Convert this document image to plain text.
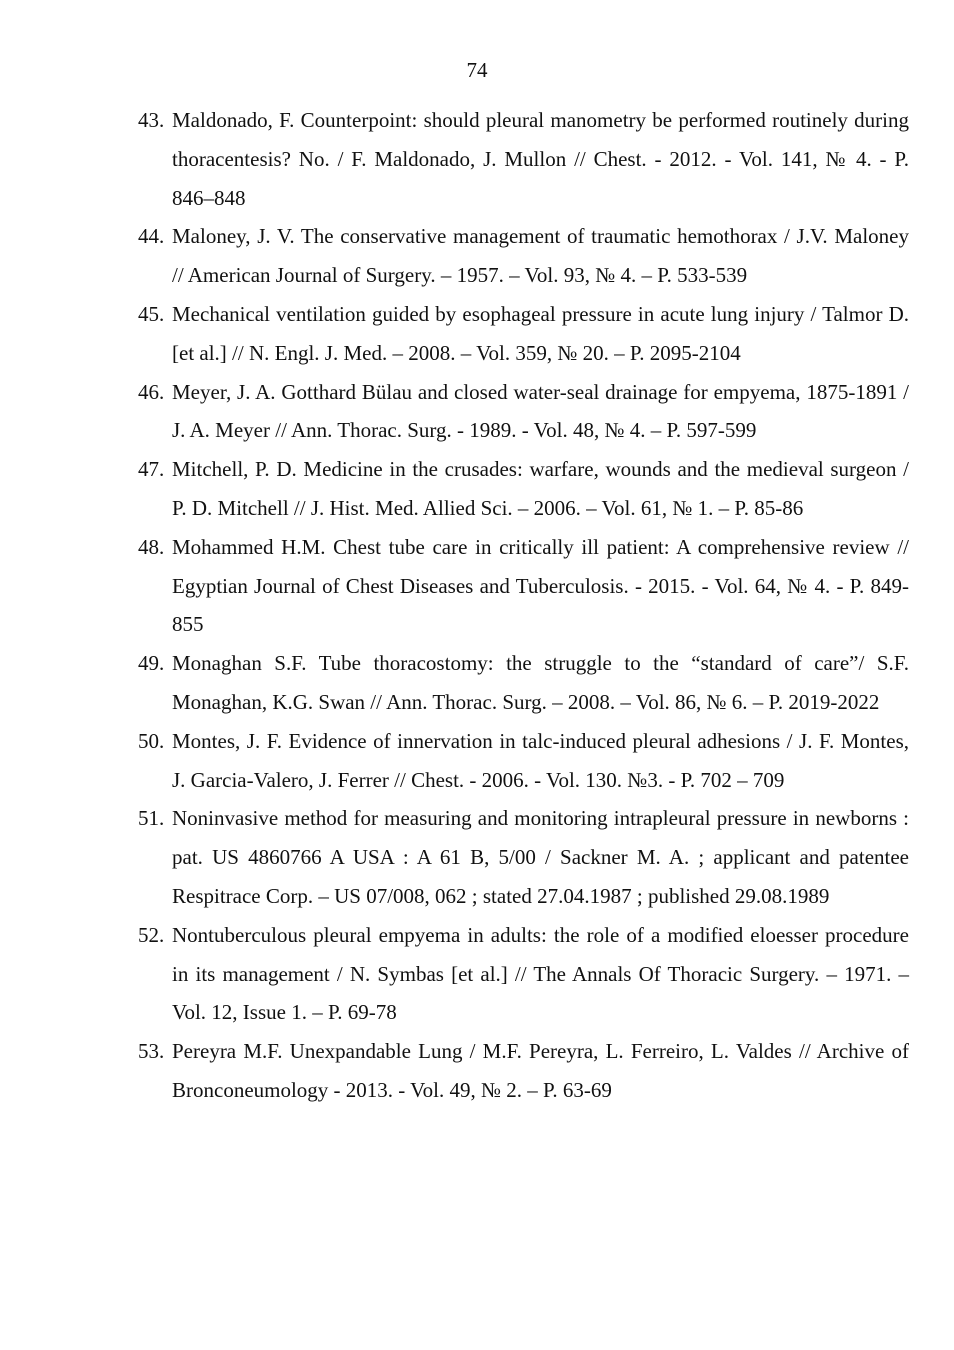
74
43. Maldonado, F. Counterpoint: should pleural manometry be performed routinely during thoracentesis? No. / F. Maldonado, J. Mullon // Chest. - 2012. - Vol. 141, № 4. - P. 846–848
44. Maloney, J. V. The conservative management of traumatic hemothorax / J.V. Maloney // American Journal of Surgery. – 1957. – Vol. 93, № 4. – P. 533-539
45. Mechanical ventilation guided by esophageal pressure in acute lung injury / Talmor D. [et al.] // N. Engl. J. Med. – 2008. – Vol. 359, № 20. – P. 2095-2104
46. Meyer, J. A. Gotthard Bülau and closed water-seal drainage for empyema, 1875-1891 / J. A. Meyer // Ann. Thorac. Surg. - 1989. - Vol. 48, № 4. – P. 597-599
47. Mitchell, P. D. Medicine in the crusades: warfare, wounds and the medieval surgeon / P. D. Mitchell // J. Hist. Med. Allied Sci. – 2006. – Vol. 61, № 1. – P. 85-86
48. Mohammed H.M. Chest tube care in critically ill patient: A comprehensive review // Egyptian Journal of Chest Diseases and Tuberculosis. - 2015. - Vol. 64, № 4. - P. 849-855
49. Monaghan S.F. Tube thoracostomy: the struggle to the “standard of care”/ S.F. Monaghan, K.G. Swan // Ann. Thorac. Surg. – 2008. – Vol. 86, № 6. – P. 2019-2022
50. Montes, J. F. Evidence of innervation in talc-induced pleural adhesions / J. F. Montes, J. Garcia-Valero, J. Ferrer // Chest. - 2006. - Vol. 130. №3. - P. 702 – 709
51. Noninvasive method for measuring and monitoring intrapleural pressure in newborns : pat. US 4860766 A USA : A 61 B, 5/00 / Sackner M. A. ; applicant and patentee Respitrace Corp. – US 07/008, 062 ; stated 27.04.1987 ; published 29.08.1989
52. Nontuberculous pleural empyema in adults: the role of a modified eloesser procedure in its management / N. Symbas [et al.] // The Annals Of Thoracic Surgery. – 1971. – Vol. 12, Issue 1. – P. 69-78
53. Pereyra M.F. Unexpandable Lung / M.F. Pereyra, L. Ferreiro, L. Valdes // Archive of Bronconeumology - 2013. - Vol. 49, № 2. – P. 63-69
